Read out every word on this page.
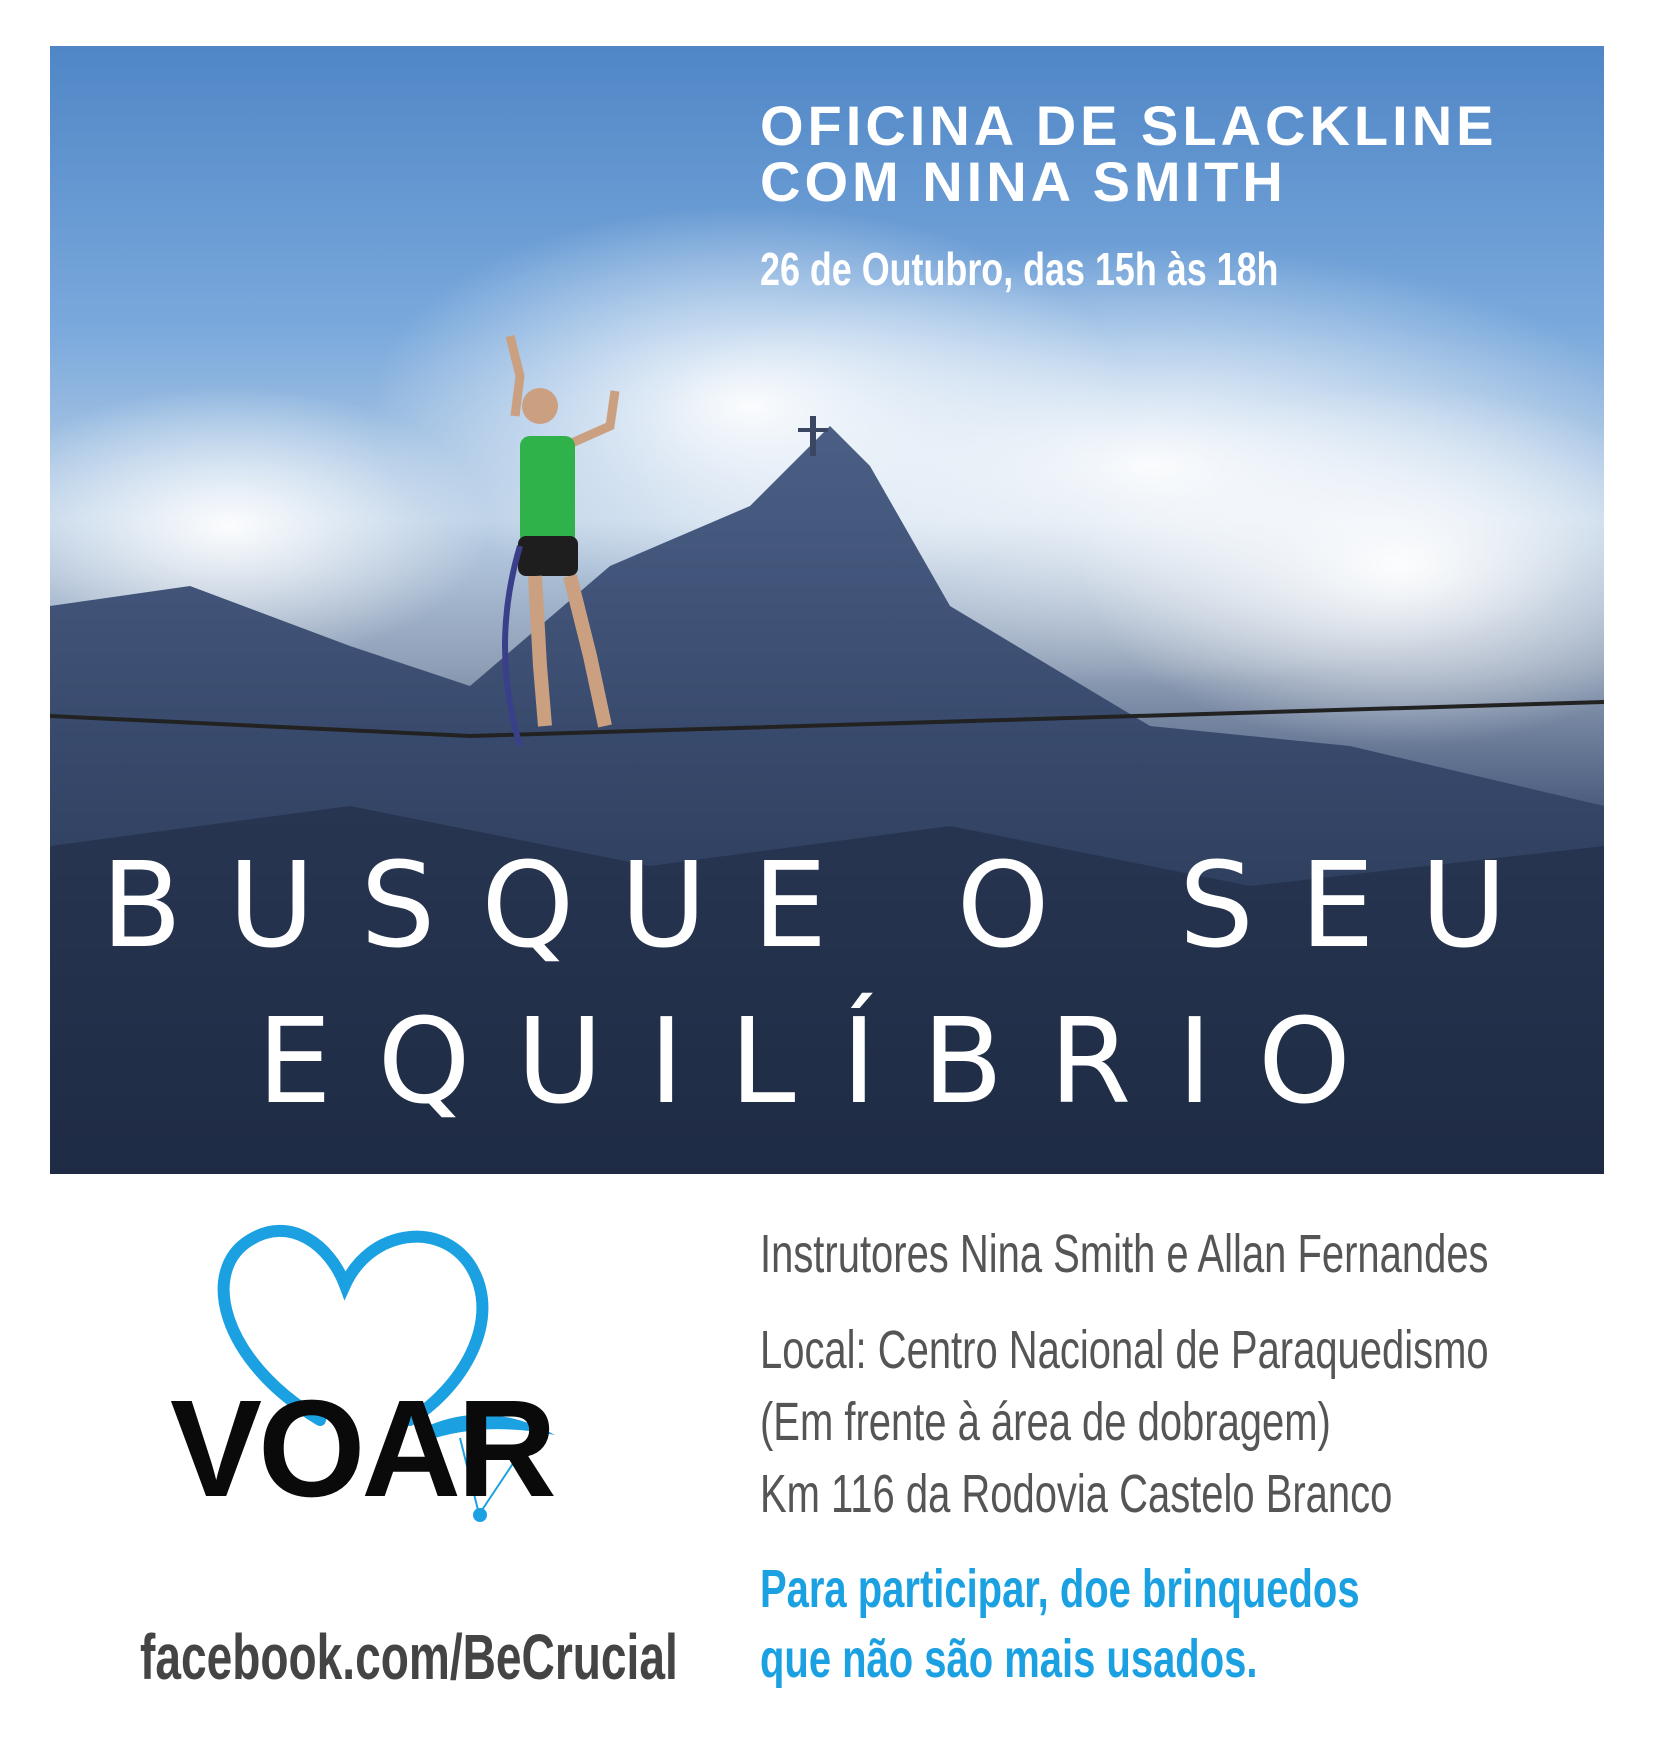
OFICINA DE SLACKLINE
COM NINA SMITH
26 de Outubro, das 15h às 18h
BUSQUE O SEU
EQUILÍBRIO
VOAR
facebook.com/BeCrucial

Instrutores Nina Smith e Allan Fernandes

Local: Centro Nacional de Paraquedismo

(Em frente à área de dobragem)

Km 116 da Rodovia Castelo Branco

Para participar, doe brinquedos

que não são mais usados.
